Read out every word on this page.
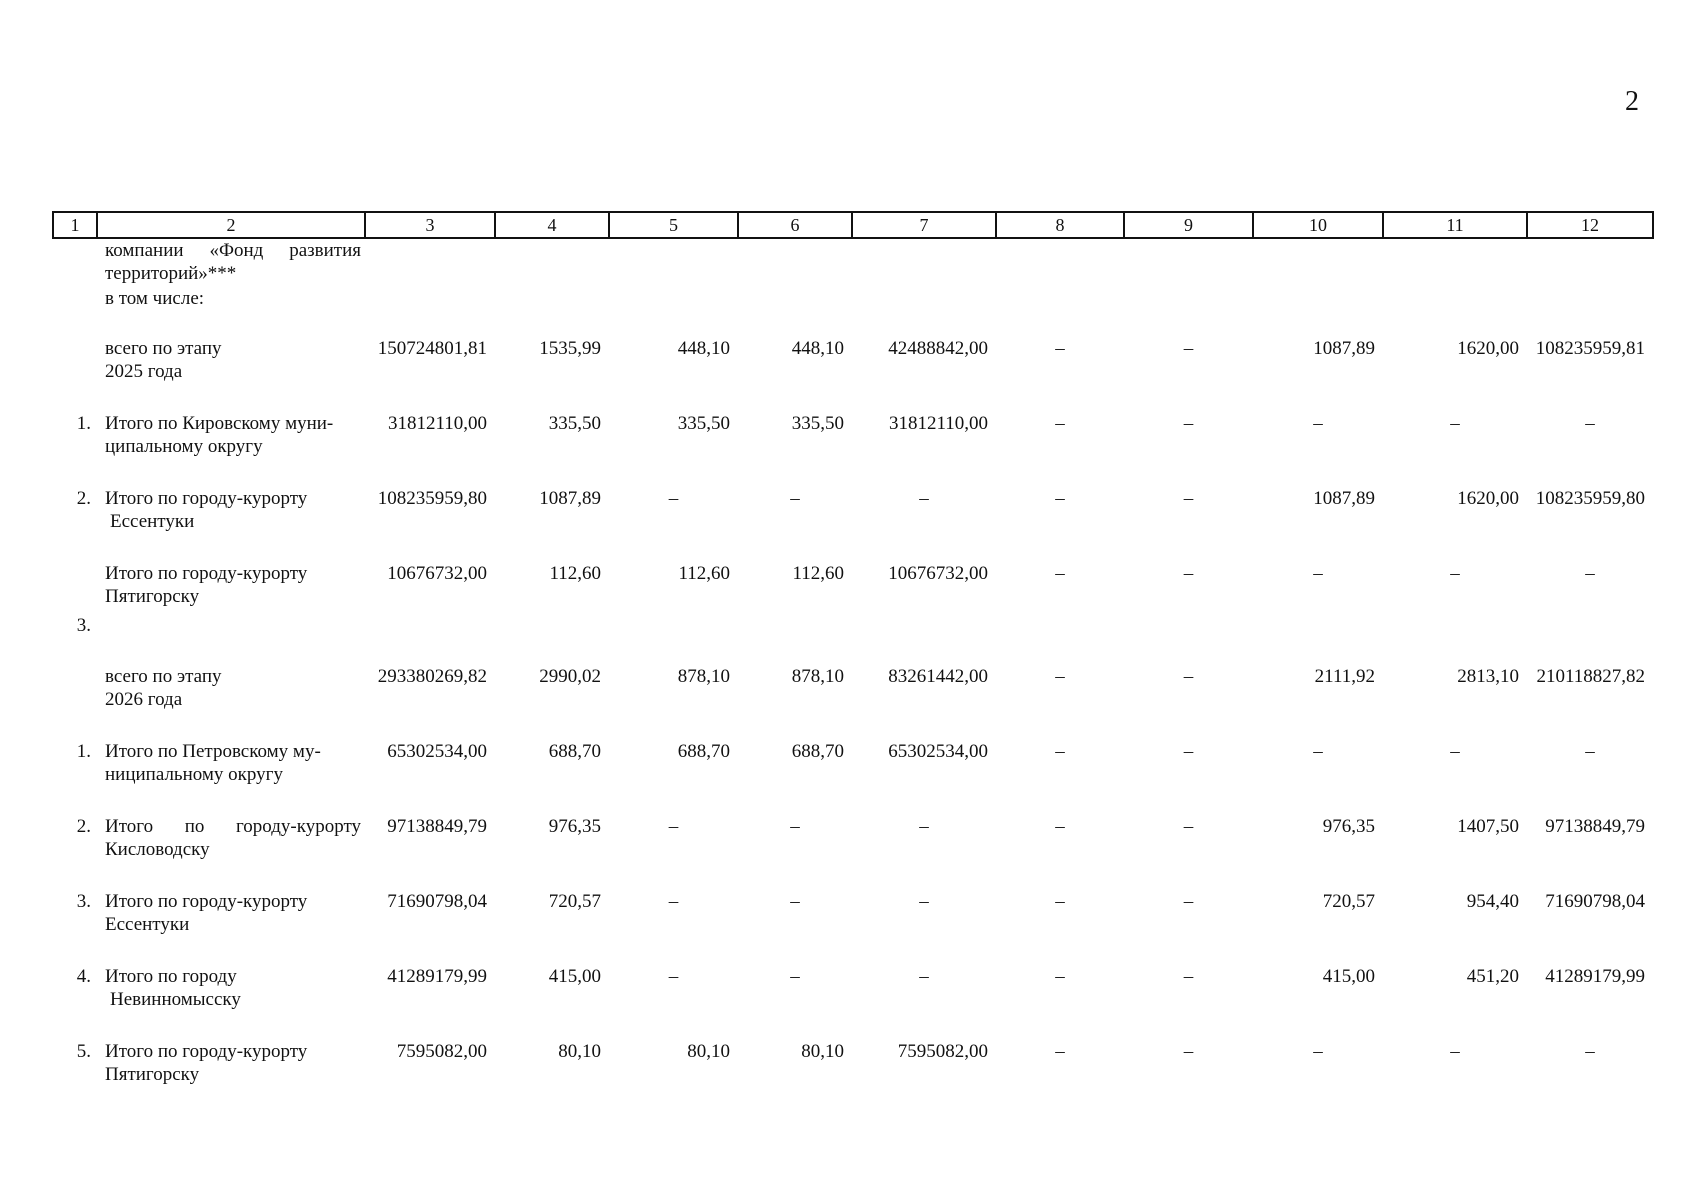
2
1	2	3	4	5	6	7	8	9	10	11	12

	компании «Фонд развития
территорий»***										

	в том числе:										

	всего по этапу
2025 года	150724801,81	1535,99	448,10	448,10	42488842,00	–	–	1087,89	1620,00	108235959,81
1.	Итого по Кировскому муни-
ципальному округу	31812110,00	335,50	335,50	335,50	31812110,00	–	–	–	–	–
2.	Итого по городу-курорту
Ессентуки	108235959,80	1087,89	–	–	–	–	–	1087,89	1620,00	108235959,80
3.	Итого по городу-курорту
Пятигорску	10676732,00	112,60	112,60	112,60	10676732,00	–	–	–	–	–

	всего по этапу
2026 года	293380269,82	2990,02	878,10	878,10	83261442,00	–	–	2111,92	2813,10	210118827,82
1.	Итого по Петровскому му-
ниципальному округу	65302534,00	688,70	688,70	688,70	65302534,00	–	–	–	–	–
2.	Итого по городу-курорту
Кисловодску	97138849,79	976,35	–	–	–	–	–	976,35	1407,50	97138849,79
3.	Итого по городу-курорту
Ессентуки	71690798,04	720,57	–	–	–	–	–	720,57	954,40	71690798,04
4.	Итого по городу
Невинномысску	41289179,99	415,00	–	–	–	–	–	415,00	451,20	41289179,99
5.	Итого по городу-курорту
Пятигорску	7595082,00	80,10	80,10	80,10	7595082,00	–	–	–	–	–
